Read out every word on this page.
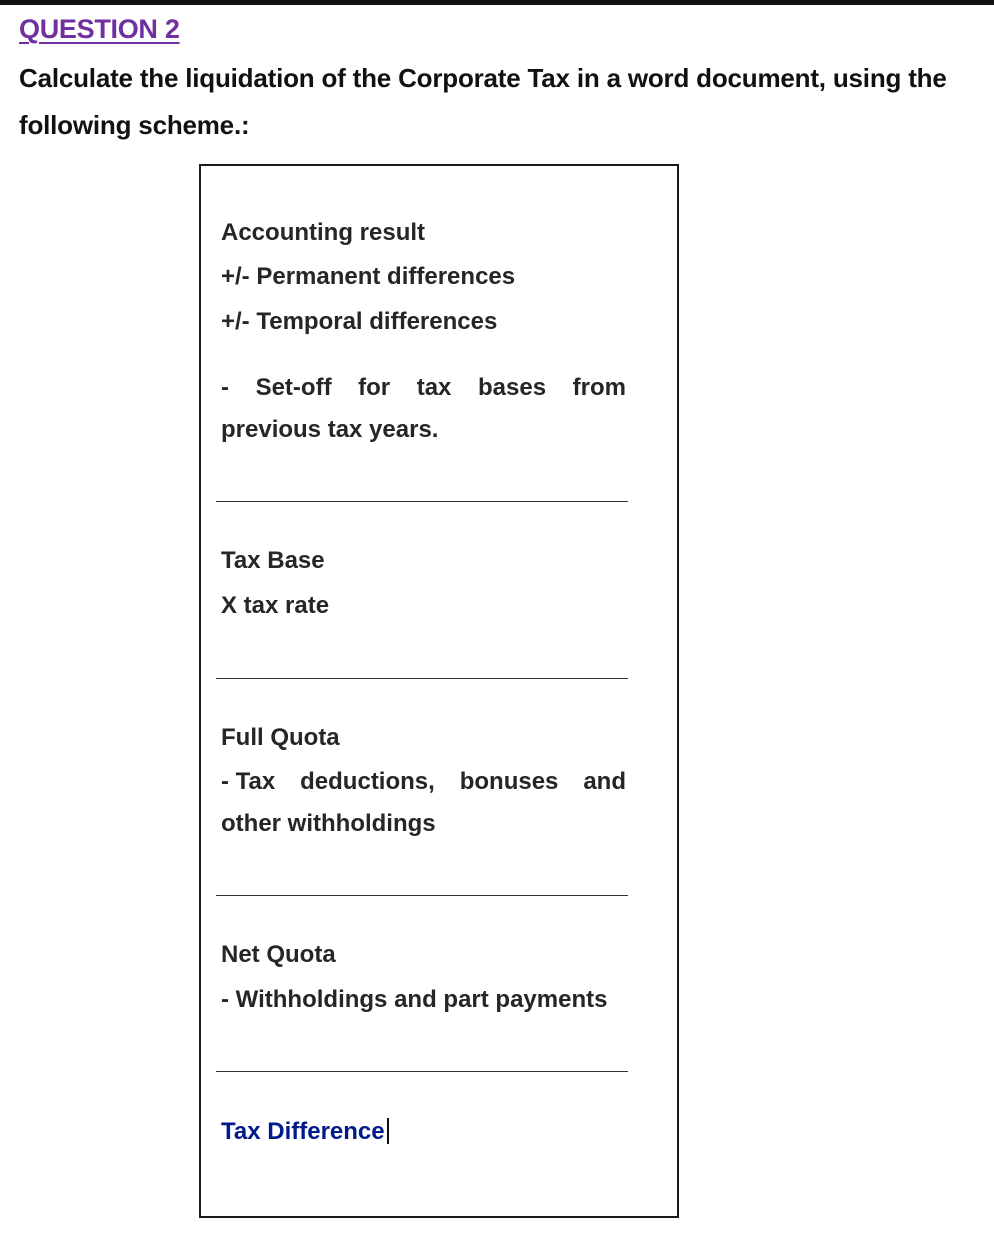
QUESTION 2
Calculate the liquidation of the Corporate Tax in a word document, using the following scheme.:
Accounting result
+/- Permanent differences
+/- Temporal differences
- Set-off for tax bases from
previous tax years.
Tax Base
X tax rate
Full Quota
- Tax deductions, bonuses and
other withholdings
Net Quota
- Withholdings and part payments
Tax Difference
